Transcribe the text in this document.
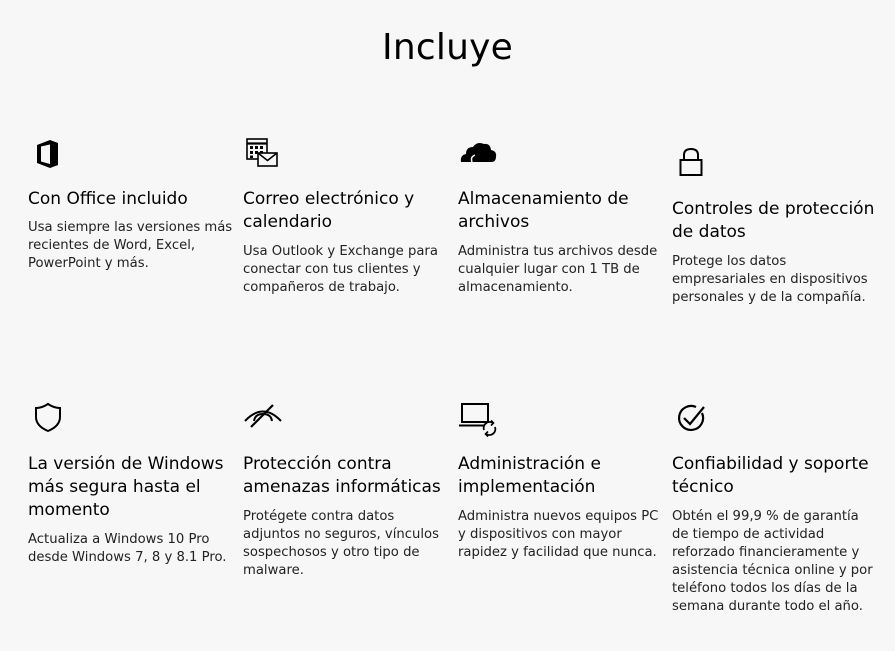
Incluye
Con Office incluido

Usa siempre las versiones más recientes de Word, Excel, PowerPoint y más.

Correo electrónico y calendario

Usa Outlook y Exchange para conectar con tus clientes y compañeros de trabajo.

Almacenamiento de archivos

Administra tus archivos desde cualquier lugar con 1 TB de almacenamiento.

Controles de protección de datos

Protege los datos empresariales en dispositivos personales y de la compañía.

La versión de Windows más segura hasta el momento

Actualiza a Windows 10 Pro desde Windows 7, 8 y 8.1 Pro.

Protección contra amenazas informáticas

Protégete contra datos adjuntos no seguros, vínculos sospechosos y otro tipo de malware.

Administración e implementación

Administra nuevos equipos PC y dispositivos con mayor rapidez y facilidad que nunca.

Confiabilidad y soporte técnico

Obtén el 99,9 % de garantía de tiempo de actividad reforzado financieramente y asistencia técnica online y por teléfono todos los días de la semana durante todo el año.
